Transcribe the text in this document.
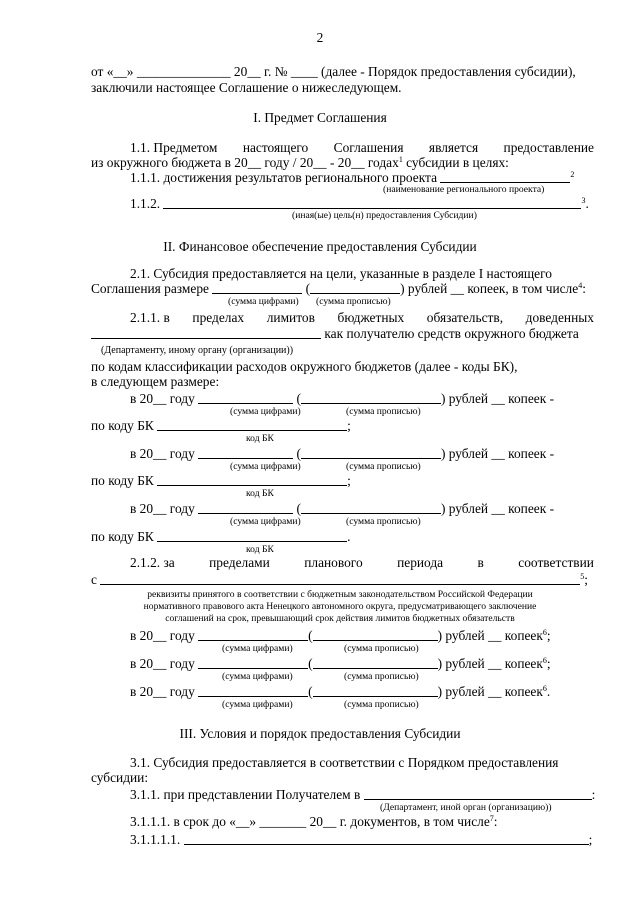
2
от «__» ______________ 20__ г. № ____ (далее - Порядок предоставления субсидии),
заключили настоящее Соглашение о нижеследующем.
I. Предмет Соглашения
1.1. Предметом настоящего Соглашения является предоставление
из окружного бюджета в 20__ году / 20__ - 20__ годах$^1$ субсидии в целях:
1.1.1. достижения результатов регионального проекта	$^2$
(наименование регионального проекта)
1.1.2.	$^3$.
(иная(ые) цель(н) предоставления Субсидии)
II. Финансовое обеспечение предоставления Субсидии
2.1. Субсидия предоставляется на цели, указанные в разделе I настоящего
Соглашения размере	(	) рублей __ копеек, в том числе$^4$:
(сумма цифрами) (сумма прописью)
2.1.1. в пределах лимитов бюджетных обязательств, доведенных
как получателю средств окружного бюджета
(Департаменту, иному органу (организации))
по кодам классификации расходов окружного бюджетов (далее - коды БК),
в следующем размере:
в 20__ году	(	) рублей __ копеек -
(сумма цифрами)	(сумма прописью)
по коду БК	;
код БК
в 20__ году	(	) рублей __ копеек -
(сумма цифрами)	(сумма прописью)
по коду БК	;
код БК
в 20__ году	(	) рублей __ копеек -
(сумма цифрами)	(сумма прописью)
по коду БК	.
код БК
2.1.2. за	пределами	планового	периода	в	соответствии
с	$^5$;
реквизиты принятого в соответствии с бюджетным законодательством Российской Федерации
нормативного правового акта Ненецкого автономного округа, предусматривающего заключение
соглашений на срок, превышающий срок действия лимитов бюджетных обязательств
в 20__ году	(	) рублей __ копеек$^6$;
(сумма цифрами)	(сумма прописью)
в 20__ году	(	) рублей __ копеек$^6$;
(сумма цифрами)	(сумма прописью)
в 20__ году	(	) рублей __ копеек$^6$.
(сумма цифрами)	(сумма прописью)
III. Условия и порядок предоставления Субсидии
3.1. Субсидия предоставляется в соответствии с Порядком предоставления
субсидии:
3.1.1. при представлении Получателем в	:
(Департамент, иной орган (организацию))
3.1.1.1. в срок до «__» _______ 20__ г. документов, в том числе$^7$:
3.1.1.1.1.	;
